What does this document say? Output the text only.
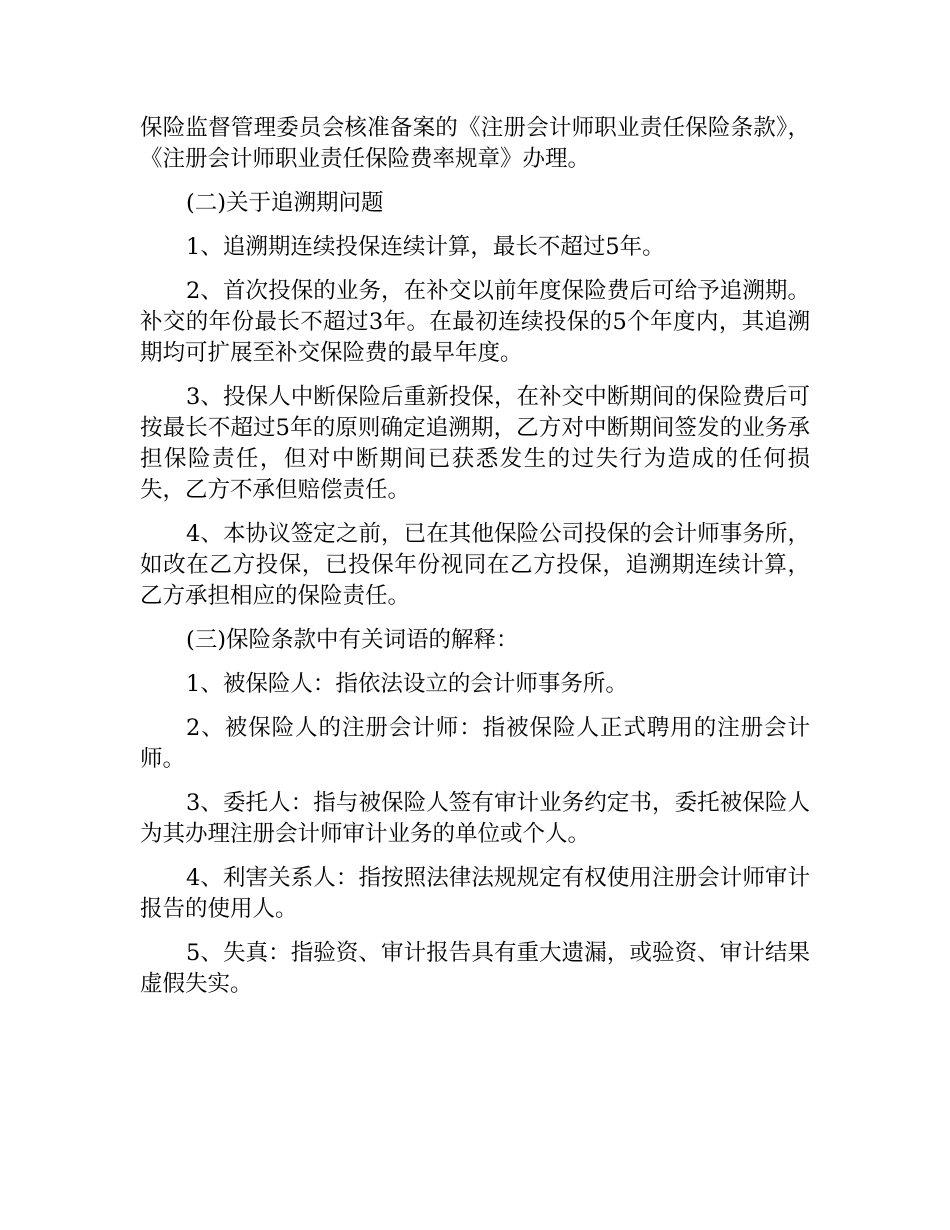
保险监督管理委员会核准备案的《注册会计师职业责任保险条款》，《注册会计师职业责任保险费率规章》办理。

(二)关于追溯期问题

1、追溯期连续投保连续计算，最长不超过5年。

2、首次投保的业务，在补交以前年度保险费后可给予追溯期。补交的年份最长不超过3年。在最初连续投保的5个年度内，其追溯期均可扩展至补交保险费的最早年度。

3、投保人中断保险后重新投保，在补交中断期间的保险费后可按最长不超过5年的原则确定追溯期，乙方对中断期间签发的业务承担保险责任，但对中断期间已获悉发生的过失行为造成的任何损失，乙方不承但赔偿责任。

4、本协议签定之前，已在其他保险公司投保的会计师事务所，如改在乙方投保，已投保年份视同在乙方投保，追溯期连续计算，乙方承担相应的保险责任。

(三)保险条款中有关词语的解释：

1、被保险人：指依法设立的会计师事务所。

2、被保险人的注册会计师：指被保险人正式聘用的注册会计师。

3、委托人：指与被保险人签有审计业务约定书，委托被保险人为其办理注册会计师审计业务的单位或个人。

4、利害关系人：指按照法律法规规定有权使用注册会计师审计报告的使用人。

5、失真：指验资、审计报告具有重大遗漏，或验资、审计结果虚假失实。
